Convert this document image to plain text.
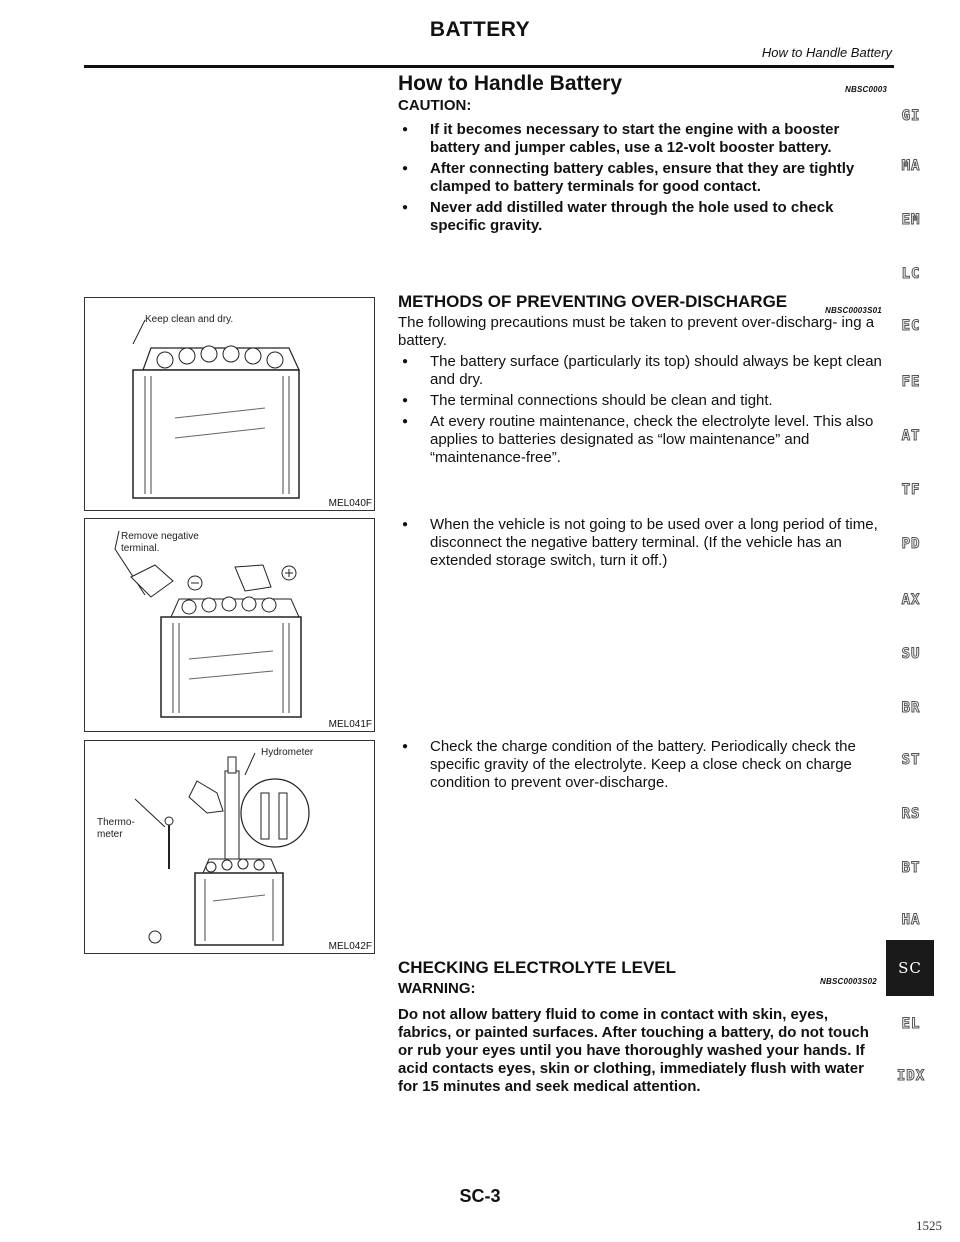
BATTERY
How to Handle Battery
How to Handle Battery	NBSC0003
CAUTION:
● If it becomes necessary to start the engine with a booster battery and jumper cables, use a 12-volt booster battery.
● After connecting battery cables, ensure that they are tightly clamped to battery terminals for good contact.
● Never add distilled water through the hole used to check specific gravity.
METHODS OF PREVENTING OVER-DISCHARGE	NBSC0003S01
The following precautions must be taken to prevent over-discharg- ing a battery.
● The battery surface (particularly its top) should always be kept clean and dry.
● The terminal connections should be clean and tight.
● At every routine maintenance, check the electrolyte level. This also applies to batteries designated as “low maintenance” and “maintenance-free”.
● When the vehicle is not going to be used over a long period of time, disconnect the negative battery terminal. (If the vehicle has an extended storage switch, turn it off.)
● Check the charge condition of the battery. Periodically check the specific gravity of the electrolyte. Keep a close check on charge condition to prevent over-discharge.
CHECKING ELECTROLYTE LEVEL
NBSC0003S02
WARNING:
Do not allow battery fluid to come in contact with skin, eyes, fabrics, or painted surfaces. After touching a battery, do not touch or rub your eyes until you have thoroughly washed your hands. If acid contacts eyes, skin or clothing, immediately flush with water for 15 minutes and seek medical attention.
Keep clean and dry.
MEL040F
Remove negative
terminal.
MEL041F
Hydrometer
Thermo-
meter
MEL042F
GI
MA
EM
LC
EC
FE
AT
TF
PD
AX
SU
BR
ST
RS
BT
HA
SC
EL
IDX
SC-3
1525
